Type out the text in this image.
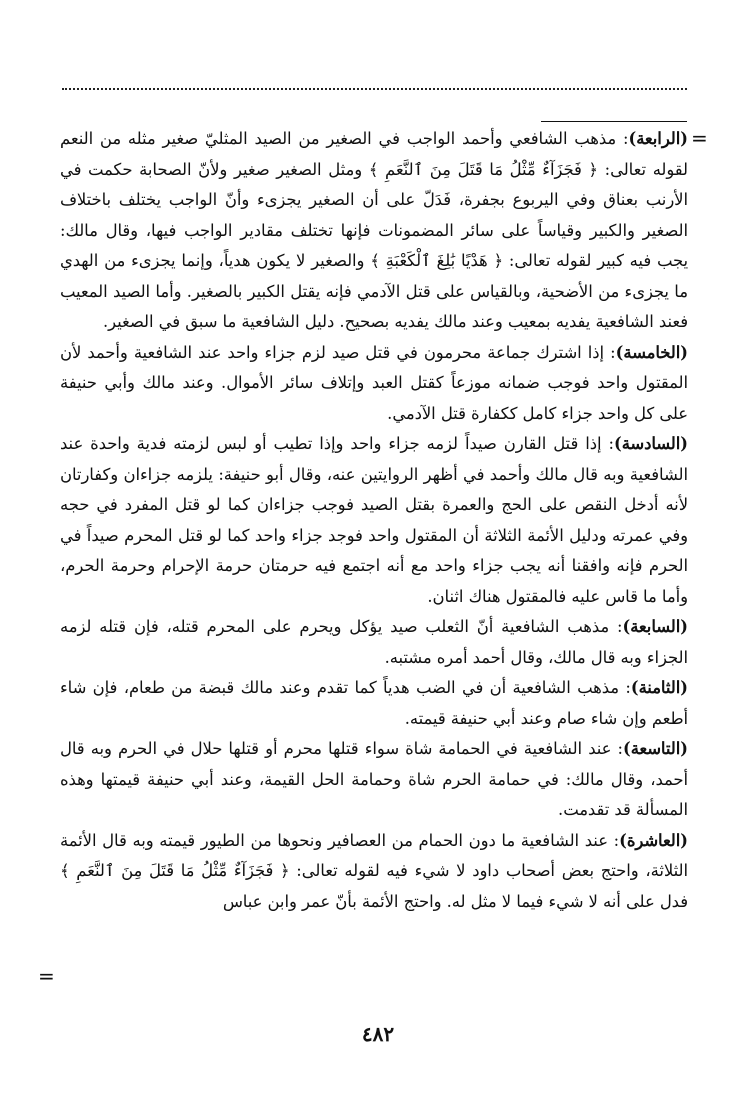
=

(الرابعة): مذهب الشافعي وأحمد الواجب في الصغير من الصيد المثليّ صغير مثله من النعم لقوله تعالى: ﴿ فَجَزَآءٌ مِّثْلُ مَا قَتَلَ مِنَ ٱلنَّعَمِ ﴾ ومثل الصغير صغير ولأنّ الصحابة حكمت في الأرنب بعناق وفي اليربوع بجفرة، فَدَلّ على أن الصغير يجزىء وأنّ الواجب يختلف باختلاف الصغير والكبير وقياساً على سائر المضمونات فإنها تختلف مقادير الواجب فيها، وقال مالك: يجب فيه كبير لقوله تعالى: ﴿ هَدْيًا بَٰلِغَ ٱلْكَعْبَةِ ﴾ والصغير لا يكون هدياً، وإنما يجزىء من الهدي ما يجزىء من الأضحية، وبالقياس على قتل الآدمي فإنه يقتل الكبير بالصغير. وأما الصيد المعيب فعند الشافعية يفديه بمعيب وعند مالك يفديه بصحيح. دليل الشافعية ما سبق في الصغير.

(الخامسة): إذا اشترك جماعة محرمون في قتل صيد لزم جزاء واحد عند الشافعية وأحمد لأن المقتول واحد فوجب ضمانه موزعاً كقتل العبد وإتلاف سائر الأموال. وعند مالك وأبي حنيفة على كل واحد جزاء كامل ككفارة قتل الآدمي.

(السادسة): إذا قتل القارن صيداً لزمه جزاء واحد وإذا تطيب أو لبس لزمته فدية واحدة عند الشافعية وبه قال مالك وأحمد في أظهر الروايتين عنه، وقال أبو حنيفة: يلزمه جزاءان وكفارتان لأنه أدخل النقص على الحج والعمرة بقتل الصيد فوجب جزاءان كما لو قتل المفرد في حجه وفي عمرته ودليل الأئمة الثلاثة أن المقتول واحد فوجد جزاء واحد كما لو قتل المحرم صيداً في الحرم فإنه وافقنا أنه يجب جزاء واحد مع أنه اجتمع فيه حرمتان حرمة الإحرام وحرمة الحرم، وأما ما قاس عليه فالمقتول هناك اثنان.

(السابعة): مذهب الشافعية أنّ الثعلب صيد يؤكل ويحرم على المحرم قتله، فإن قتله لزمه الجزاء وبه قال مالك، وقال أحمد أمره مشتبه.

(الثامنة): مذهب الشافعية أن في الضب هدياً كما تقدم وعند مالك قبضة من طعام، فإن شاء أطعم وإن شاء صام وعند أبي حنيفة قيمته.

(التاسعة): عند الشافعية في الحمامة شاة سواء قتلها محرم أو قتلها حلال في الحرم وبه قال أحمد، وقال مالك: في حمامة الحرم شاة وحمامة الحل القيمة، وعند أبي حنيفة قيمتها وهذه المسألة قد تقدمت.

(العاشرة): عند الشافعية ما دون الحمام من العصافير ونحوها من الطيور قيمته وبه قال الأئمة الثلاثة، واحتج بعض أصحاب داود لا شيء فيه لقوله تعالى: ﴿ فَجَزَآءٌ مِّثْلُ مَا قَتَلَ مِنَ ٱلنَّعَمِ ﴾ فدل على أنه لا شيء فيما لا مثل له. واحتج الأئمة بأنّ عمر وابن عباس

=
٤٨٢
